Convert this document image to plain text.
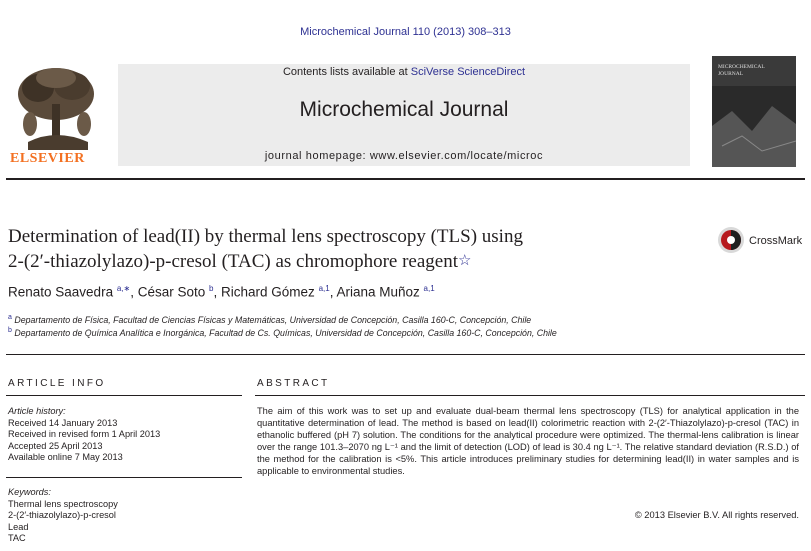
Microchemical Journal 110 (2013) 308–313
ELSEVIER
Contents lists available at SciVerse ScienceDirect
Microchemical Journal
journal homepage: www.elsevier.com/locate/microc
MICROCHEMICAL JOURNAL
Determination of lead(II) by thermal lens spectroscopy (TLS) using
2-(2′-thiazolylazo)-p-cresol (TAC) as chromophore reagent☆
CrossMark
Renato Saavedra $^{a,∗}$, César Soto $^b$, Richard Gómez $^{a,1}$, Ariana Muñoz $^{a,1}$
$^a$ Departamento de Física, Facultad de Ciencias Físicas y Matemáticas, Universidad de Concepción, Casilla 160-C, Concepción, Chile
$^b$ Departamento de Química Analítica e Inorgánica, Facultad de Cs. Químicas, Universidad de Concepción, Casilla 160-C, Concepción, Chile
ARTICLE INFO
Article history:
Received 14 January 2013
Received in revised form 1 April 2013
Accepted 25 April 2013
Available online 7 May 2013
Keywords:
Thermal lens spectroscopy
2-(2′-thiazolylazo)-p-cresol
Lead
TAC
ABSTRACT
The aim of this work was to set up and evaluate dual-beam thermal lens spectroscopy (TLS) for analytical application in the quantitative determination of lead. The method is based on lead(II) colorimetric reaction with 2-(2′-Thiazolylazo)-p-cresol (TAC) in ethanolic buffered (pH 7) solution. The conditions for the analytical procedure were optimized. The thermal-lens calibration is linear over the range 101.3–2070 ng L⁻¹ and the limit of detection (LOD) of lead is 30.4 ng L⁻¹. The relative standard deviation (R.S.D.) of the method for the calibration is <5%. This article introduces preliminary studies for determining lead(II) in water samples and is applicable to environmental studies.
© 2013 Elsevier B.V. All rights reserved.
